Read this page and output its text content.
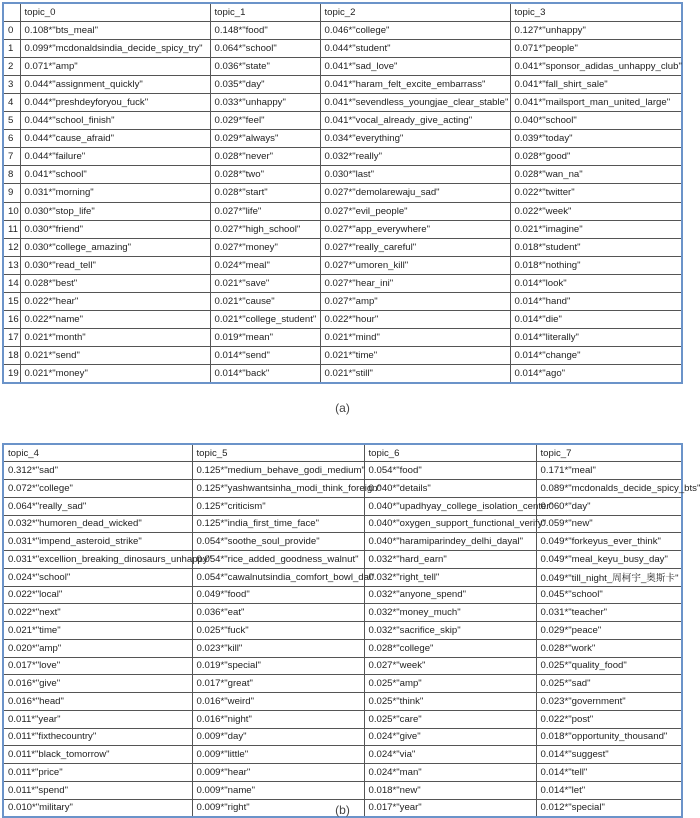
	topic_0	topic_1	topic_2	topic_3
0	0.108*"bts_meal"	0.148*"food"	0.046*"college"	0.127*"unhappy"
1	0.099*"mcdonaldsindia_decide_spicy_try"	0.064*"school"	0.044*"student"	0.071*"people"
2	0.071*"amp"	0.036*"state"	0.041*"sad_love"	0.041*"sponsor_adidas_unhappy_club"
3	0.044*"assignment_quickly"	0.035*"day"	0.041*"haram_felt_excite_embarrass"	0.041*"fall_shirt_sale"
4	0.044*"preshdeyforyou_fuck"	0.033*"unhappy"	0.041*"sevendless_youngjae_clear_stable"	0.041*"mailsport_man_united_large"
5	0.044*"school_finish"	0.029*"feel"	0.041*"vocal_already_give_acting"	0.040*"school"
6	0.044*"cause_afraid"	0.029*"always"	0.034*"everything"	0.039*"today"
7	0.044*"failure"	0.028*"never"	0.032*"really"	0.028*"good"
8	0.041*"school"	0.028*"two"	0.030*"last"	0.028*"wan_na"
9	0.031*"morning"	0.028*"start"	0.027*"demolarewaju_sad"	0.022*"twitter"
10	0.030*"stop_life"	0.027*"life"	0.027*"evil_people"	0.022*"week"
11	0.030*"friend"	0.027*"high_school"	0.027*"app_everywhere"	0.021*"imagine"
12	0.030*"college_amazing"	0.027*"money"	0.027*"really_careful"	0.018*"student"
13	0.030*"read_tell"	0.024*"meal"	0.027*"umoren_kill"	0.018*"nothing"
14	0.028*"best"	0.021*"save"	0.027*"hear_ini"	0.014*"look"
15	0.022*"hear"	0.021*"cause"	0.027*"amp"	0.014*"hand"
16	0.022*"name"	0.021*"college_student"	0.022*"hour"	0.014*"die"
17	0.021*"month"	0.019*"mean"	0.021*"mind"	0.014*"literally"
18	0.021*"send"	0.014*"send"	0.021*"time"	0.014*"change"
19	0.021*"money"	0.014*"back"	0.021*"still"	0.014*"ago"
(a)
topic_4	topic_5	topic_6	topic_7
0.312*"sad"	0.125*"medium_behave_godi_medium"	0.054*"food"	0.171*"meal"
0.072*"college"	0.125*"yashwantsinha_modi_think_foreign"	0.040*"details"	0.089*"mcdonalds_decide_spicy_bts"
0.064*"really_sad"	0.125*"criticism"	0.040*"upadhyay_college_isolation_center"	0.060*"day"
0.032*"humoren_dead_wicked"	0.125*"india_first_time_face"	0.040*"oxygen_support_functional_verify"	0.059*"new"
0.031*"impend_asteroid_strike"	0.054*"soothe_soul_provide"	0.040*"haramiparindey_delhi_dayal"	0.049*"forkeyus_ever_think"
0.031*"excellion_breaking_dinosaurs_unhappy"	0.054*"rice_added_goodness_walnut"	0.032*"hard_earn"	0.049*"meal_keyu_busy_day"
0.024*"school"	0.054*"cawalnutsindia_comfort_bowl_dal"	0.032*"right_tell"	0.049*"till_night_周柯宇_奥斯卡"
0.022*"local"	0.049*"food"	0.032*"anyone_spend"	0.045*"school"
0.022*"next"	0.036*"eat"	0.032*"money_much"	0.031*"teacher"
0.021*"time"	0.025*"fuck"	0.032*"sacrifice_skip"	0.029*"peace"
0.020*"amp"	0.023*"kill"	0.028*"college"	0.028*"work"
0.017*"love"	0.019*"special"	0.027*"week"	0.025*"quality_food"
0.016*"give"	0.017*"great"	0.025*"amp"	0.025*"sad"
0.016*"head"	0.016*"weird"	0.025*"think"	0.023*"government"
0.011*"year"	0.016*"night"	0.025*"care"	0.022*"post"
0.011*"fixthecountry"	0.009*"day"	0.024*"give"	0.018*"opportunity_thousand"
0.011*"black_tomorrow"	0.009*"little"	0.024*"via"	0.014*"suggest"
0.011*"price"	0.009*"hear"	0.024*"man"	0.014*"tell"
0.011*"spend"	0.009*"name"	0.018*"new"	0.014*"let"
0.010*"military"	0.009*"right"	0.017*"year"	0.012*"special"
(b)
